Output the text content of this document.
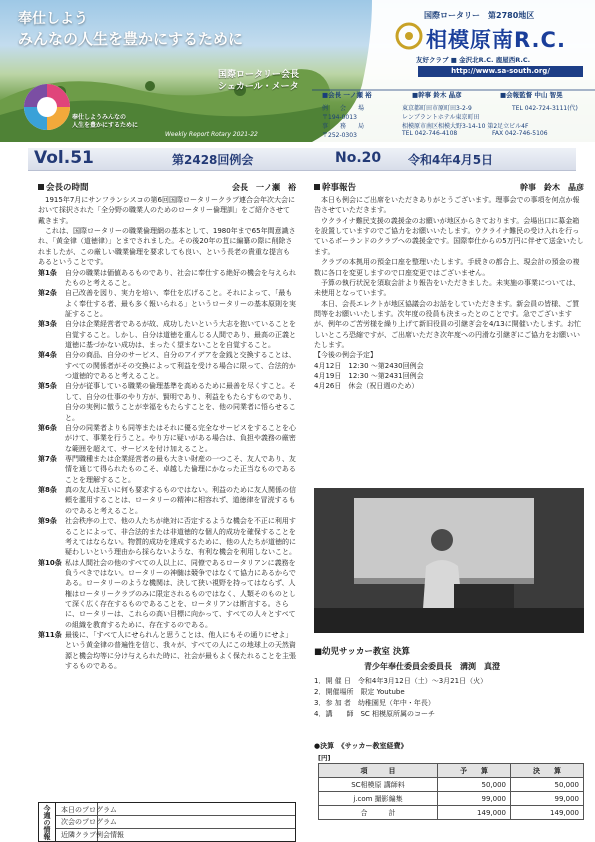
奉仕しよう
みんなの人生を豊かにするために
国際ロータリー会長
シェカール・メータ
奉仕しようみんなの
人生を豊かにするために
Weekly Report Rotary 2021-22
国際ロータリー　第2780地区
相模原南R.C.
友好クラブ ■ 金沢北R.C. 鹿屋西R.C.
http://www.sa-south.org/
■会長 一ノ瀬 裕	■幹事 鈴木 晶彦	■会報監督 中山 智晃
例　　会　　場	東京都町田市原町田3-2-9	TEL 042-724-3111(代)
〒194-0013	レンブラントホテル東京町田
事　　務　　局	相模原市南区相模大野3-14-10 第2足立ビル4F
〒252-0303	TEL 042-746-4108	FAX 042-746-5106
Vol.51	第2428回例会	No.20 令和4年4月5日
会長の時間	会長　一ノ瀬　裕

1915年7月にサンフランシスコの第6回国際ロータリークラブ連合会年次大会において採択された「全分野の職業人のためのロータリー倫理訓」をご紹介させて戴きます。

これは、国際ロータリーの職業倫理網の基本として、1980年まで65年間意識され、「黄金律（道徳律）」とまでされました。その後20年の苴に編纂の際に削除されましたが、この厳しい職業倫理を要求しても良い、という長老の貴重な提言もあるということです。

第1条	自分の職業は価値あるものであり、社会に奉仕する絶好の機会を与えられたものと考えること。
第2条	自己改善を図り、実力を培い、奉仕を広げること。それによって、「最もよく奉仕する者、最も多く報いられる」というロータリーの基本原則を実証すること。
第3条	自分は企業経営者であるが故、成功したいという大志を抱いていることを自覚すること。しかし、自分は道徳を重んじる人間であり、最高の正義と道徳に基づかない成功は、まったく望まないことを自覚すること。
第4条	自分の商品、自分のサービス、自分のアイデアを金銭と交換することは、すべての関係者がその交換によって利益を受ける場合に限って、合法的かつ道徳的であると考えること。
第5条	自分が従事している職業の倫理基準を高めるために最善を尽くすこと。そして、自分の仕事のやり方が、賢明であり、利益をもたらすものであり、自分の実例に倣うことが幸福をもたらすことを、他の同業者に悟らせること。
第6条	自分の同業者よりも同等またはそれに優る完全なサービスをすることを心がけて、事業を行うこと。やり方に疑いがある場合は、負担や義務の厳密な範囲を超えて、サービスを付け加えること。
第7条	専門職種または企業経営者の最も大きい財産の一つこそ、友人であり、友情を通じて得られたものこそ、卓越した倫理にかなった正当なものであることを理解すること。
第8条	真の友人は互いに何も要求するものではない。利益のために友人関係の信頼を濫用することは、ロータリーの精神に相容れず、道徳律を冒涜するものであると考えること。
第9条	社会秩序の上で、他の人たちが絶対に否定するような機会を不正に利用することによって、非合法的または非道徳的な個人的成功を確保することを考えてはならない。物質的成功を達成するために、他の人たちが道徳的に疑わしいという理由から採らないような、有利な機会を利用しないこと。
第10条 私は人間社会の他のすべての人以上に、同僚であるロータリアンに義務を負うべきではない。ロータリーの神髄は競争ではなくて協力にあるからである。ロータリーのような機関は、決して狭い視野を持ってはならず、人権はロータリークラブのみに限定されるものではなく、人類そのものとして深く広く存在するものであることを、ロータリアンは断言する。さらに、ロータリーは、これらの高い目標に向かって、すべての人々とすべての組織を教育するために、存在するのである。
第11条 最後に、「すべて人にせられんと思うことは、他人にもその通りにせよ」という黄金律の普遍性を信じ、我々が、すべての人にこの地球上の天然資源と機会均等に分け与えられた時に、社会が最もよく保たれることを主張するものである。
幹事報告	幹事　鈴木　晶彦

本日も例会にご出席をいただきありがとうございます。理事会での事項を何点か報告させていただきます。

ウクライナ難民支援の義援金のお願いが地区からきております。会場出口に募金箱を設置していますのでご協力をお願いいたします。ウクライナ難民の受け入れを行っているポーランドのクラブへの義援金です。国際奉仕からの5万円に伴せて送金いたします。

クラブの本拠用の預金口座を整理いたします。手続きの都合上、現会計の預金の複数に各口を変更しますので口座変更ではございません。

予算の執行状況を須取会計より報告をいただきました。未実施の事業については、未使用となっています。

本日、会長エレクトが地区協議会のお話をしていただきます。新会員の皆様、ご質問等をお願いいたします。次年度の役員も決まったとのことです。急でございますが、例年のご苦労様を繰り上げて新旧役員の引継ぎ会を4/13に開催いたします。お忙しいところ恐縮ですが、ご出席いただき次年度への円滑な引継ぎにご協力をお願いいたします。

【今後の例会予定】

4月12日　12:30 ～第2430回例会

4月19日　12:30 ～第2431回例会

4月26日　休会（祝日週のため）

■幼児サッカー教室 決算
青少年奉仕委員会委員長　溝渕　真澄
1．開 催 日　令和4年3月12日（土）～3月21日（火）
2．開催場所　限定 Youtube
3．参 加 者　幼稚園児（年中・年長）
4．講　　師　SC 相模原所属のコーチ
●決算　《サッカー教室経費》
[円]
項　　　目	予　　算	決　　算
SC相模原 講師料	50,000	50,000
j.com 撮影編集	99,000	99,000
合　　　計	149,000	149,000
今週の情報	本日のプログラム
次会のプログラム
近隣クラブ例会情報
